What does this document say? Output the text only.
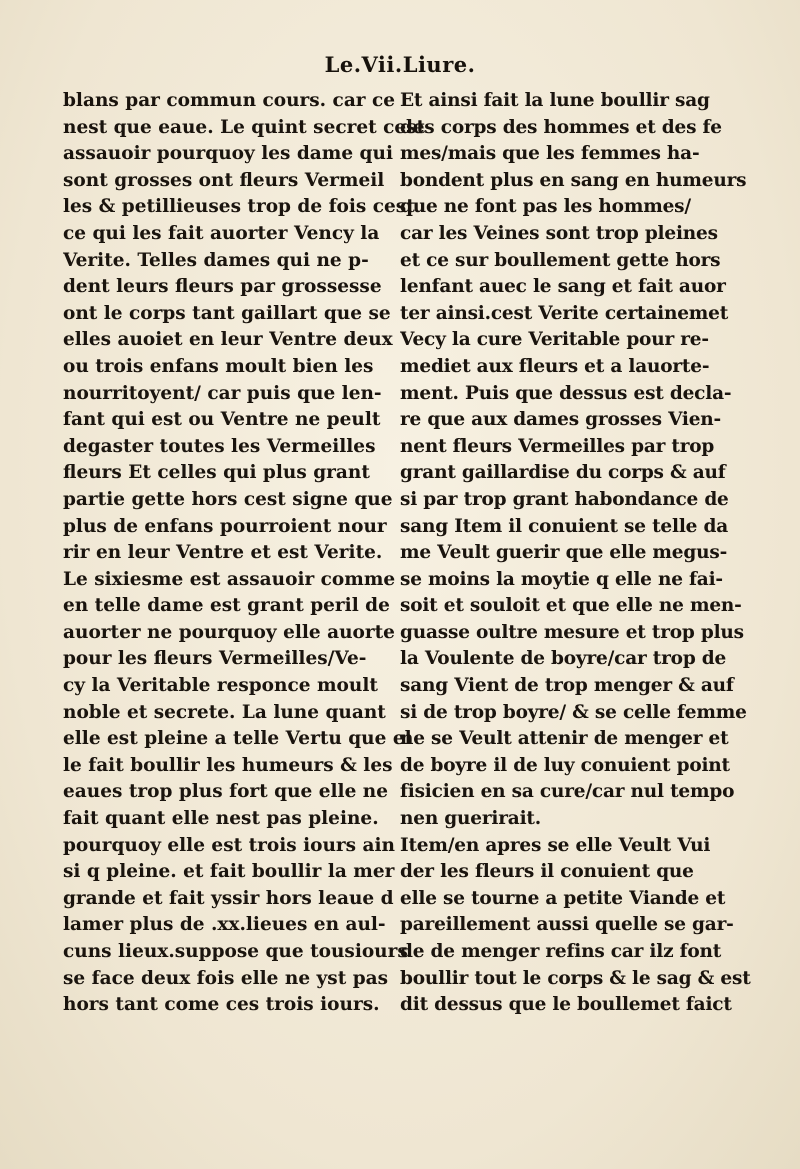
Le.Vii.Liure.
blans par commun cours. car ce
nest que eaue. Le quint secret cest
assauoir pourquoy les dame qui
sont grosses ont fleurs Vermeil
les & petillieuses trop de fois cest
ce qui les fait auorter Vency la
Verite. Telles dames qui ne p-
dent leurs fleurs par grossesse
ont le corps tant gaillart que se
elles auoiet en leur Ventre deux
ou trois enfans moult bien les
nourritoyent/ car puis que len-
fant qui est ou Ventre ne peult
degaster toutes les Vermeilles
fleurs Et celles qui plus grant
partie gette hors cest signe que
plus de enfans pourroient nour
rir en leur Ventre et est Verite.
Le sixiesme est assauoir comme
en telle dame est grant peril de
auorter ne pourquoy elle auorte
pour les fleurs Vermeilles/Ve-
cy la Veritable responce moult
noble et secrete. La lune quant
elle est pleine a telle Vertu que el
le fait boullir les humeurs & les
eaues trop plus fort que elle ne
fait quant elle nest pas pleine.
pourquoy elle est trois iours ain
si q pleine. et fait boullir la mer
grande et fait yssir hors leaue d
lamer plus de .xx.lieues en aul-
cuns lieux.suppose que tousiours
se face deux fois elle ne yst pas
hors tant come ces trois iours.
Et ainsi fait la lune boullir sag
des corps des hommes et des fe
mes/mais que les femmes ha-
bondent plus en sang en humeurs
que ne font pas les hommes/
car les Veines sont trop pleines
et ce sur boullement gette hors
lenfant auec le sang et fait auor
ter ainsi.cest Verite certainemet
Vecy la cure Veritable pour re-
mediet aux fleurs et a lauorte-
ment. Puis que dessus est decla-
re que aux dames grosses Vien-
nent fleurs Vermeilles par trop
grant gaillardise du corps & auf
si par trop grant habondance de
sang Item il conuient se telle da
me Veult guerir que elle megus-
se moins la moytie q elle ne fai-
soit et souloit et que elle ne men-
guasse oultre mesure et trop plus
la Voulente de boyre/car trop de
sang Vient de trop menger & auf
si de trop boyre/ & se celle femme
ne se Veult attenir de menger et
de boyre il de luy conuient point
fisicien en sa cure/car nul tempo
nen guerirait.
Item/en apres se elle Veult Vui
der les fleurs il conuient que
elle se tourne a petite Viande et
pareillement aussi quelle se gar-
de de menger refins car ilz font
boullir tout le corps & le sag & est
dit dessus que le boullemet faict
